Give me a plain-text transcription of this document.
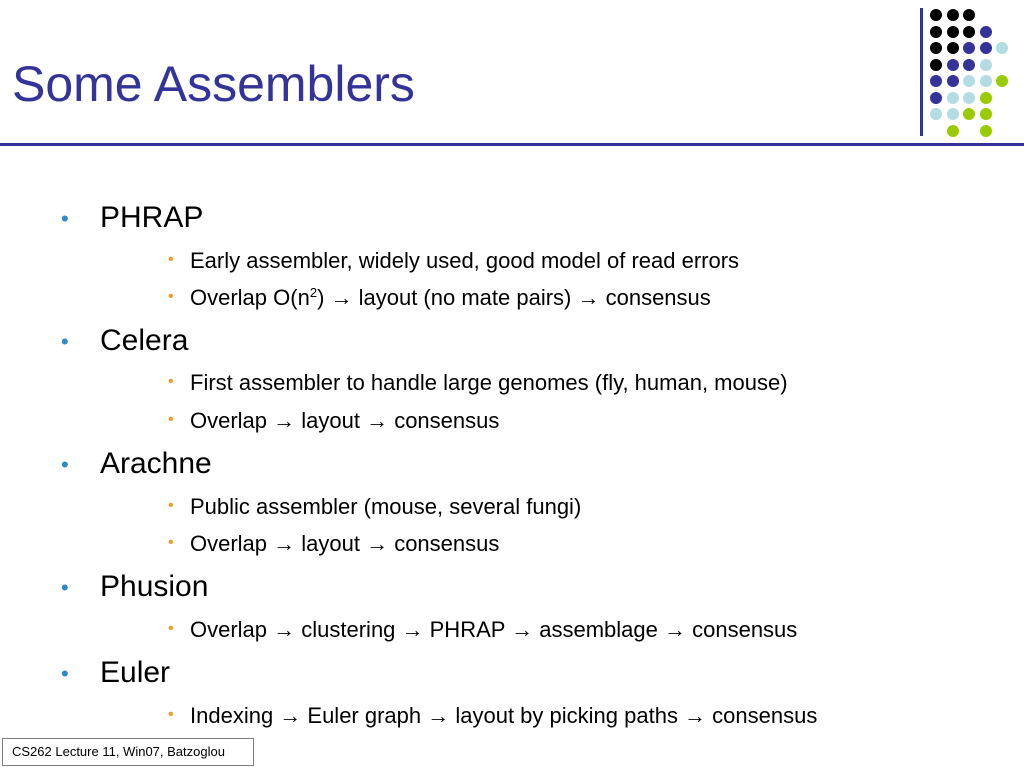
Some Assemblers
• PHRAP
• Early assembler, widely used, good model of read errors
• Overlap $O(n^2)$ → layout (no mate pairs) → consensus
• Celera
• First assembler to handle large genomes (fly, human, mouse)
• Overlap → layout → consensus
• Arachne
• Public assembler (mouse, several fungi)
• Overlap → layout → consensus
• Phusion
• Overlap → clustering → PHRAP → assemblage → consensus
• Euler
• Indexing → Euler graph → layout by picking paths → consensus
CS262 Lecture 11, Win07, Batzoglou
